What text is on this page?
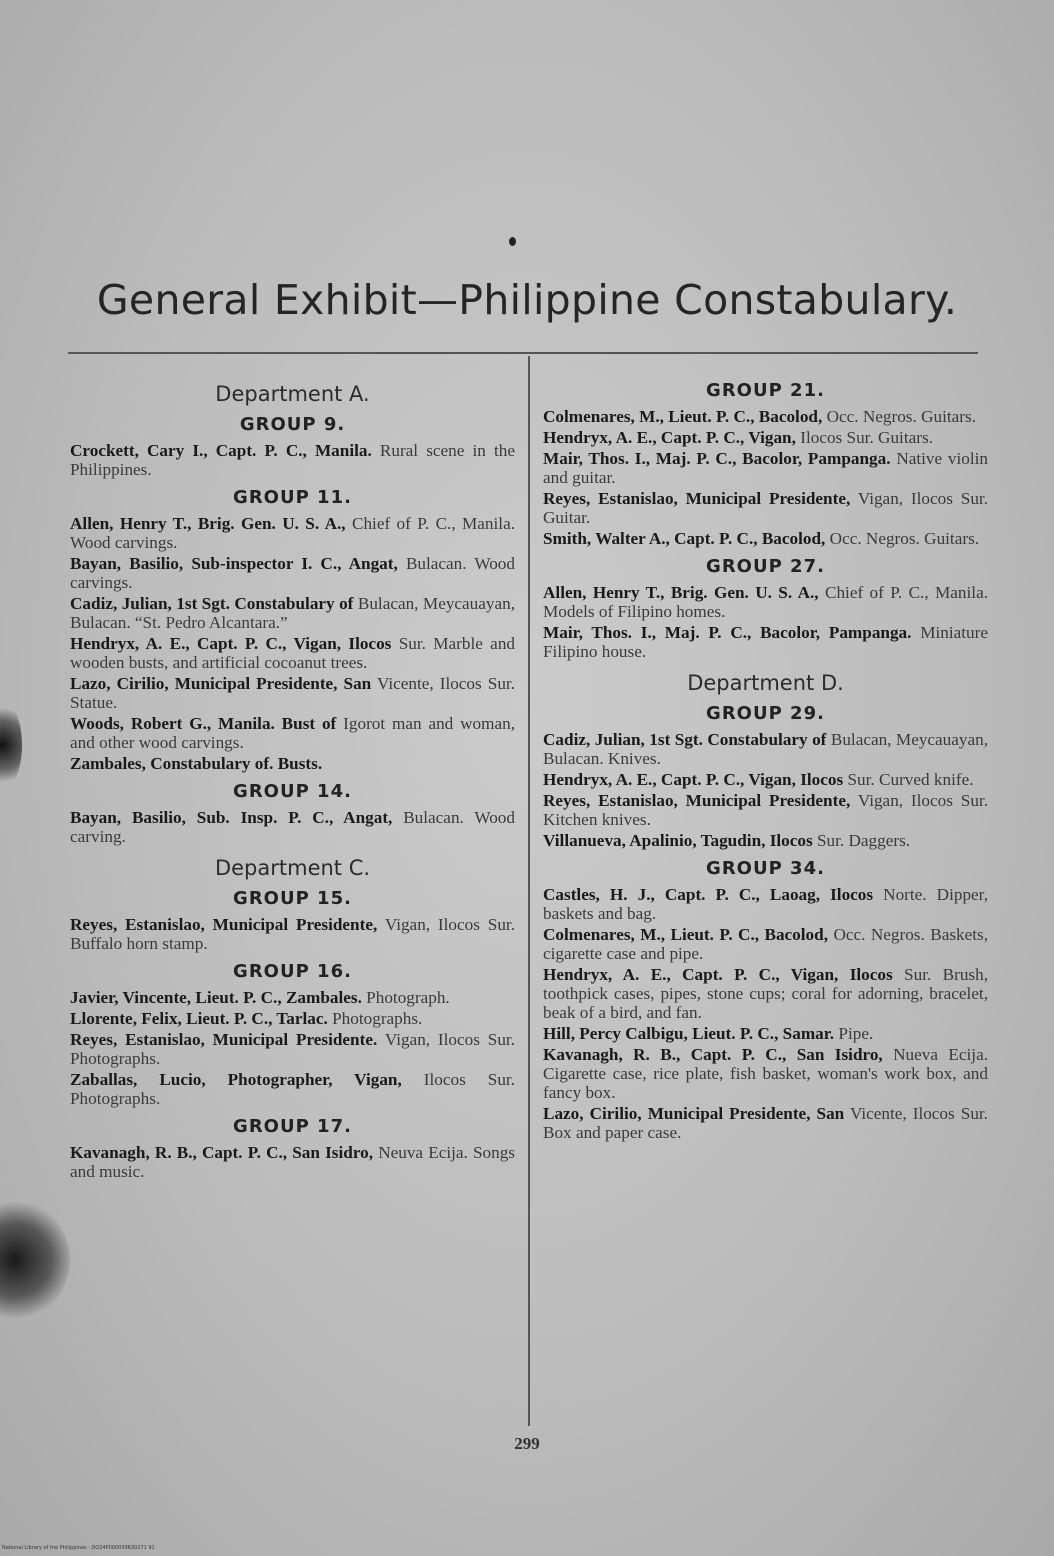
General Exhibit—Philippine Constabulary.
Department A.
GROUP 9.
Crockett, Cary I., Capt. P. C., Manila. Rural scene in the Philippines.
GROUP 11.
Allen, Henry T., Brig. Gen. U. S. A., Chief of P. C., Manila. Wood carvings.
Bayan, Basilio, Sub-inspector I. C., Angat, Bulacan. Wood carvings.
Cadiz, Julian, 1st Sgt. Constabulary of Bulacan, Meycauayan, Bulacan. “St. Pedro Alcantara.”
Hendryx, A. E., Capt. P. C., Vigan, Ilocos Sur. Marble and wooden busts, and artificial cocoanut trees.
Lazo, Cirilio, Municipal Presidente, San Vicente, Ilocos Sur. Statue.
Woods, Robert G., Manila. Bust of Igorot man and woman, and other wood carvings.
Zambales, Constabulary of. Busts.
GROUP 14.
Bayan, Basilio, Sub. Insp. P. C., Angat, Bulacan. Wood carving.
Department C.
GROUP 15.
Reyes, Estanislao, Municipal Presidente, Vigan, Ilocos Sur. Buffalo horn stamp.
GROUP 16.
Javier, Vincente, Lieut. P. C., Zambales. Photograph.
Llorente, Felix, Lieut. P. C., Tarlac. Photographs.
Reyes, Estanislao, Municipal Presidente. Vigan, Ilocos Sur. Photographs.
Zaballas, Lucio, Photographer, Vigan, Ilocos Sur. Photographs.
GROUP 17.
Kavanagh, R. B., Capt. P. C., San Isidro, Neuva Ecija. Songs and music.
GROUP 21.
Colmenares, M., Lieut. P. C., Bacolod, Occ. Negros. Guitars.
Hendryx, A. E., Capt. P. C., Vigan, Ilocos Sur. Guitars.
Mair, Thos. I., Maj. P. C., Bacolor, Pampanga. Native violin and guitar.
Reyes, Estanislao, Municipal Presidente, Vigan, Ilocos Sur. Guitar.
Smith, Walter A., Capt. P. C., Bacolod, Occ. Negros. Guitars.
GROUP 27.
Allen, Henry T., Brig. Gen. U. S. A., Chief of P. C., Manila. Models of Filipino homes.
Mair, Thos. I., Maj. P. C., Bacolor, Pampanga. Miniature Filipino house.
Department D.
GROUP 29.
Cadiz, Julian, 1st Sgt. Constabulary of Bulacan, Meycauayan, Bulacan. Knives.
Hendryx, A. E., Capt. P. C., Vigan, Ilocos Sur. Curved knife.
Reyes, Estanislao, Municipal Presidente, Vigan, Ilocos Sur. Kitchen knives.
Villanueva, Apalinio, Tagudin, Ilocos Sur. Daggers.
GROUP 34.
Castles, H. J., Capt. P. C., Laoag, Ilocos Norte. Dipper, baskets and bag.
Colmenares, M., Lieut. P. C., Bacolod, Occ. Negros. Baskets, cigarette case and pipe.
Hendryx, A. E., Capt. P. C., Vigan, Ilocos Sur. Brush, toothpick cases, pipes, stone cups; coral for adorning, bracelet, beak of a bird, and fan.
Hill, Percy Calbigu, Lieut. P. C., Samar. Pipe.
Kavanagh, R. B., Capt. P. C., San Isidro, Nueva Ecija. Cigarette case, rice plate, fish basket, woman's work box, and fancy box.
Lazo, Cirilio, Municipal Presidente, San Vicente, Ilocos Sur. Box and paper case.
299
National Library of the Philippines · DO24P000039630271 91
